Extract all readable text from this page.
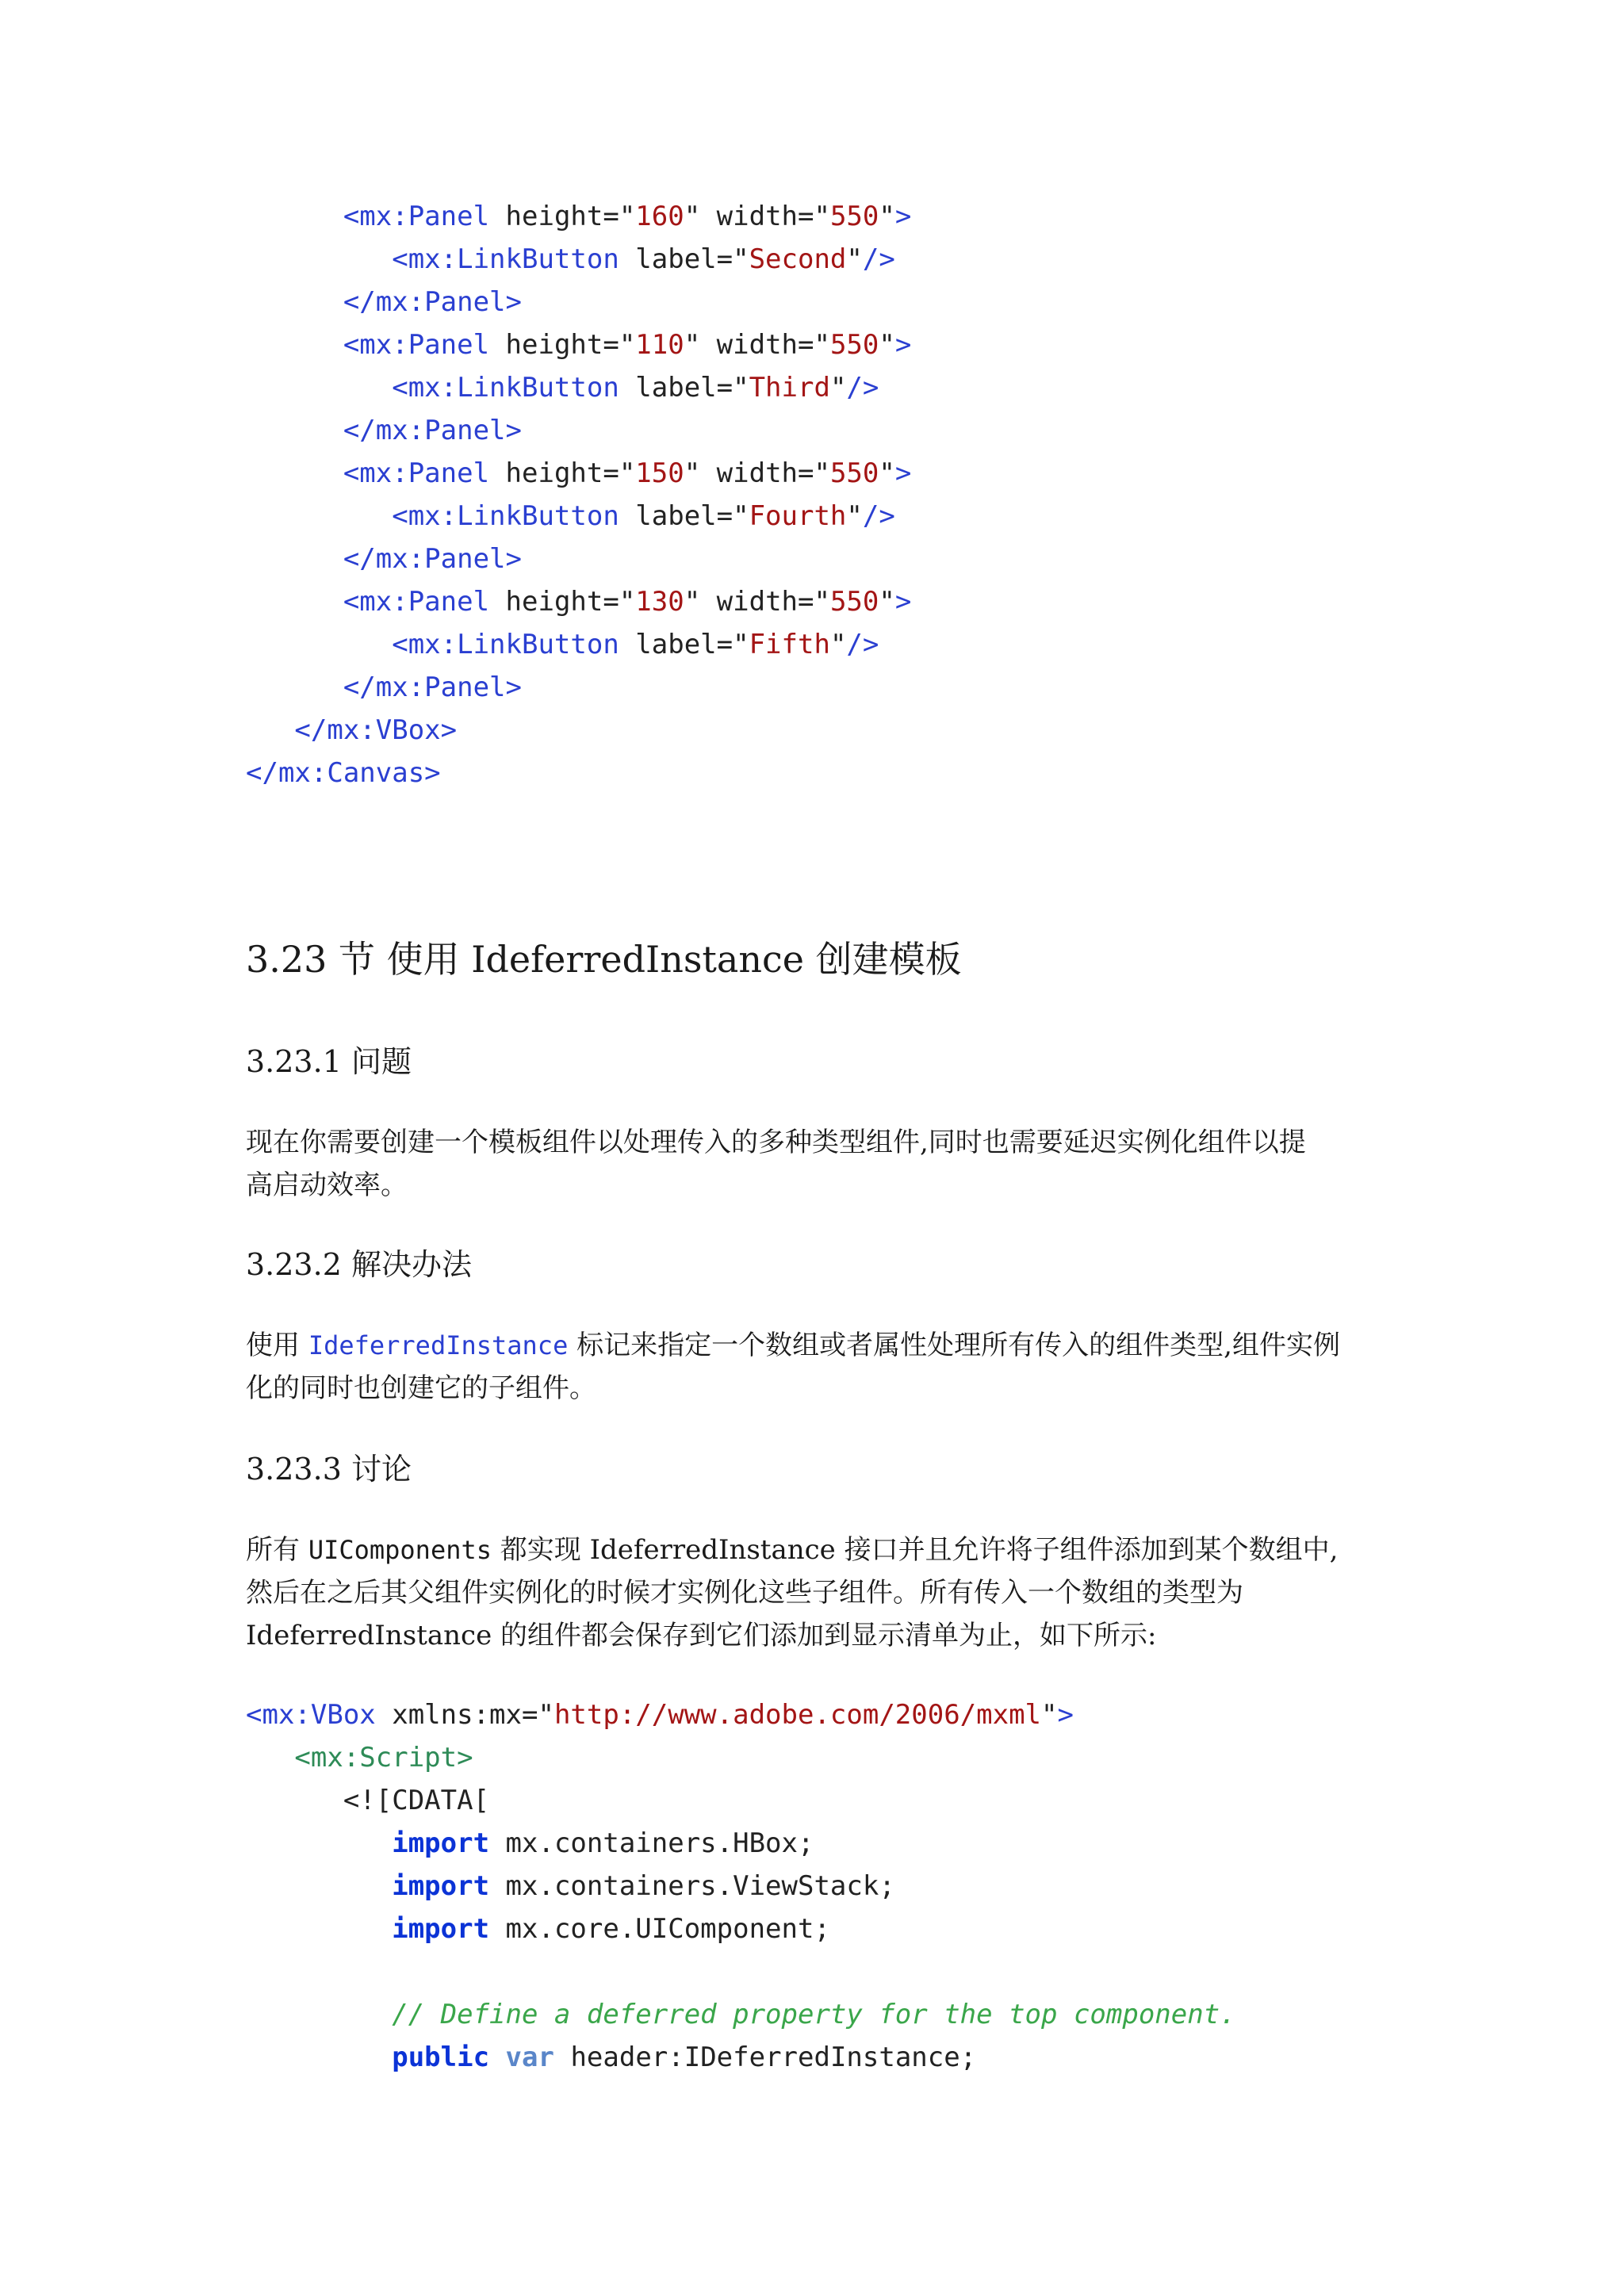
<mx:Panel height="160" width="550">
<mx:LinkButton label="Second"/>
</mx:Panel>
<mx:Panel height="110" width="550">
<mx:LinkButton label="Third"/>
</mx:Panel>
<mx:Panel height="150" width="550">
<mx:LinkButton label="Fourth"/>
</mx:Panel>
<mx:Panel height="130" width="550">
<mx:LinkButton label="Fifth"/>
</mx:Panel>
</mx:VBox>
</mx:Canvas>
3.23 节 使用 IdeferredInstance 创建模板
3.23.1 问题
现在你需要创建一个模板组件以处理传入的多种类型组件,同时也需要延迟实例化组件以提
高启动效率。
3.23.2 解决办法
使用 IdeferredInstance 标记来指定一个数组或者属性处理所有传入的组件类型,组件实例
化的同时也创建它的子组件。
3.23.3 讨论
所有 UIComponents 都实现 IdeferredInstance 接口并且允许将子组件添加到某个数组中,
然后在之后其父组件实例化的时候才实例化这些子组件。所有传入一个数组的类型为
IdeferredInstance 的组件都会保存到它们添加到显示清单为止，如下所示:
<mx:VBox xmlns:mx="http://www.adobe.com/2006/mxml">
<mx:Script>
<![CDATA[
import mx.containers.HBox;
import mx.containers.ViewStack;
import mx.core.UIComponent;
// Define a deferred property for the top component.
public var header:IDeferredInstance;
